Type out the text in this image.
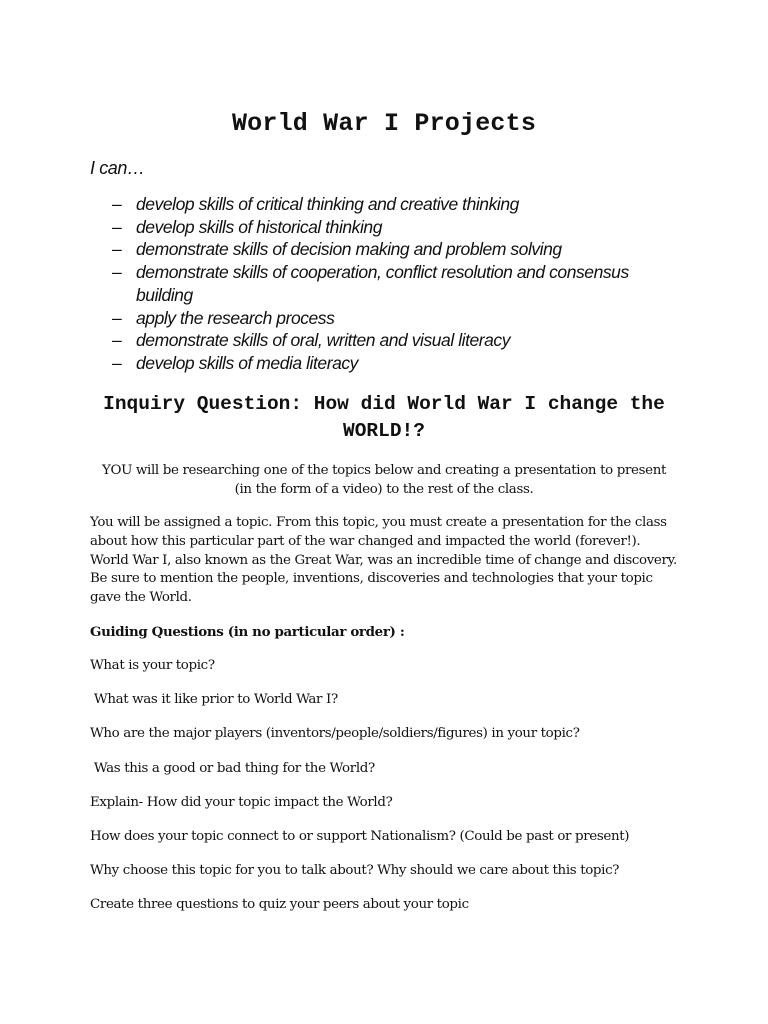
World War I Projects

I can…

– develop skills of critical thinking and creative thinking
– develop skills of historical thinking
– demonstrate skills of decision making and problem solving
– demonstrate skills of cooperation, conflict resolution and consensus building
– apply the research process
– demonstrate skills of oral, written and visual literacy
– develop skills of media literacy
Inquiry Question: How did World War I change the WORLD!?

YOU will be researching one of the topics below and creating a presentation to present (in the form of a video) to the rest of the class.

You will be assigned a topic. From this topic, you must create a presentation for the class about how this particular part of the war changed and impacted the world (forever!). World War I, also known as the Great War, was an incredible time of change and discovery. Be sure to mention the people, inventions, discoveries and technologies that your topic gave the World.

Guiding Questions (in no particular order) :

What is your topic?
What was it like prior to World War I?
Who are the major players (inventors/people/soldiers/figures) in your topic?
Was this a good or bad thing for the World?
Explain- How did your topic impact the World?
How does your topic connect to or support Nationalism? (Could be past or present)
Why choose this topic for you to talk about? Why should we care about this topic?
Create three questions to quiz your peers about your topic
